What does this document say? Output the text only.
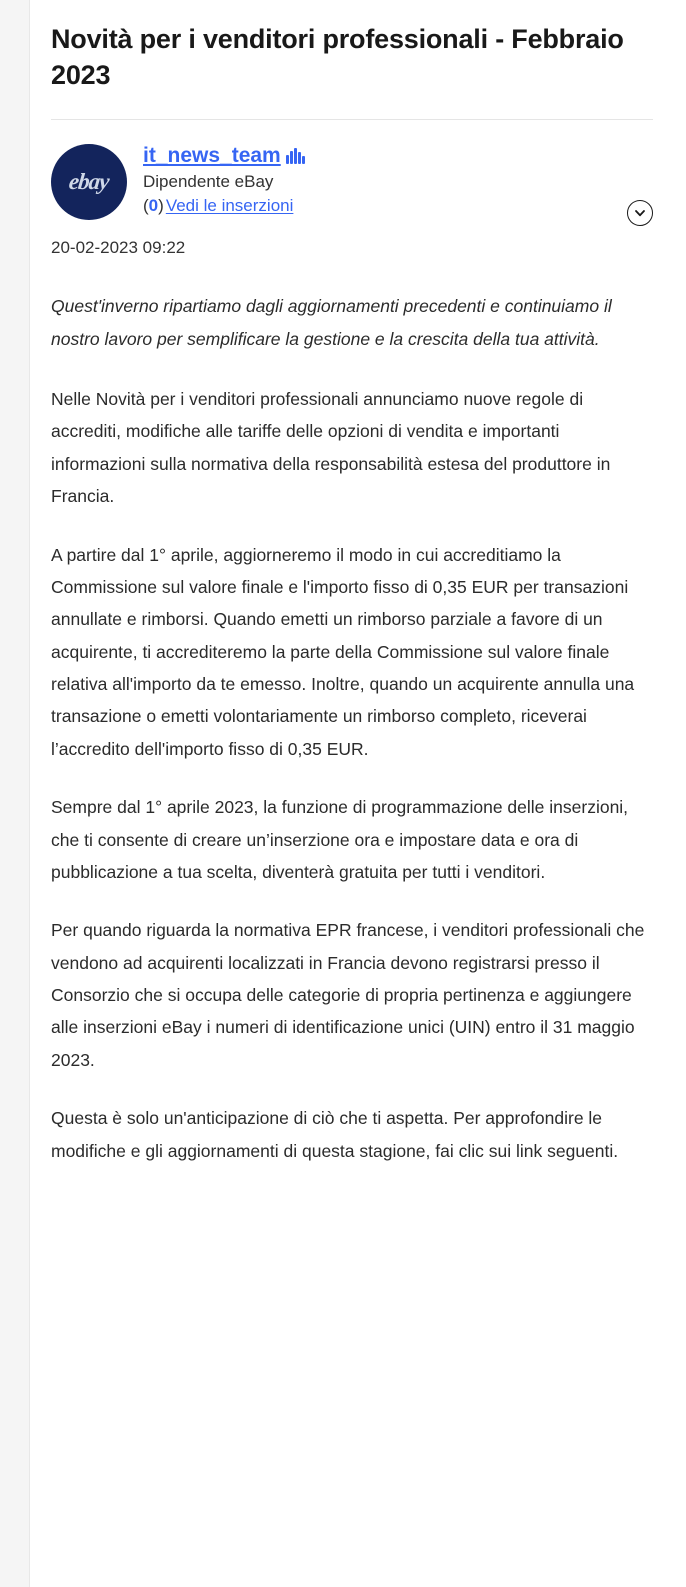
Novità per i venditori professionali - Febbraio 2023
ebay
it_news_team
Dipendente eBay
(0) Vedi le inserzioni
20-02-2023 09:22

Quest'inverno ripartiamo dagli aggiornamenti precedenti e continuiamo il nostro lavoro per semplificare la gestione e la crescita della tua attività.

Nelle Novità per i venditori professionali annunciamo nuove regole di accrediti, modifiche alle tariffe delle opzioni di vendita e importanti informazioni sulla normativa della responsabilità estesa del produttore in Francia.

A partire dal 1° aprile, aggiorneremo il modo in cui accreditiamo la Commissione sul valore finale e l'importo fisso di 0,35 EUR per transazioni annullate e rimborsi. Quando emetti un rimborso parziale a favore di un acquirente, ti accrediteremo la parte della Commissione sul valore finale relativa all'importo da te emesso. Inoltre, quando un acquirente annulla una transazione o emetti volontariamente un rimborso completo, riceverai l’accredito dell'importo fisso di 0,35 EUR.

Sempre dal 1° aprile 2023, la funzione di programmazione delle inserzioni, che ti consente di creare un’inserzione ora e impostare data e ora di pubblicazione a tua scelta, diventerà gratuita per tutti i venditori.

Per quando riguarda la normativa EPR francese, i venditori professionali che vendono ad acquirenti localizzati in Francia devono registrarsi presso il Consorzio che si occupa delle categorie di propria pertinenza e aggiungere alle inserzioni eBay i numeri di identificazione unici (UIN) entro il 31 maggio 2023.

Questa è solo un'anticipazione di ciò che ti aspetta. Per approfondire le modifiche e gli aggiornamenti di questa stagione, fai clic sui link seguenti.
